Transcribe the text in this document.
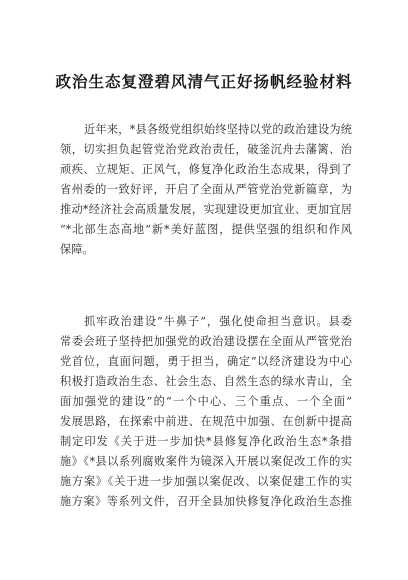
政治生态复澄碧风清气正好扬帆经验材料

近年来，*县各级党组织始终坚持以党的政治建设为统
领，切实担负起管党治党政治责任，破釜沉舟去藩篱、治
顽疾、立规矩、正风气，修复净化政治生态成果，得到了
省州委的一致好评，开启了全面从严管党治党新篇章，为
推动*经济社会高质量发展，实现建设更加宜业、更加宜居
“*北部生态高地”新*美好蓝图，提供坚强的组织和作风
保障。

抓牢政治建设“牛鼻子”，强化使命担当意识。县委
常委会班子坚持把加强党的政治建设摆在全面从严管党治
党首位，直面问题，勇于担当，确定“以经济建设为中心
积极打造政治生态、社会生态、自然生态的绿水青山，全
面加强党的建设”的“一个中心、三个重点、一个全面”
发展思路，在探索中前进、在规范中加强、在创新中提高
制定印发《关于进一步加快*县修复净化政治生态*条措
施》《*县以系列腐败案件为镜深入开展以案促改工作的实
施方案》《关于进一步加强以案促改、以案促建工作的实
施方案》等系列文件，召开全县加快修复净化政治生态推
